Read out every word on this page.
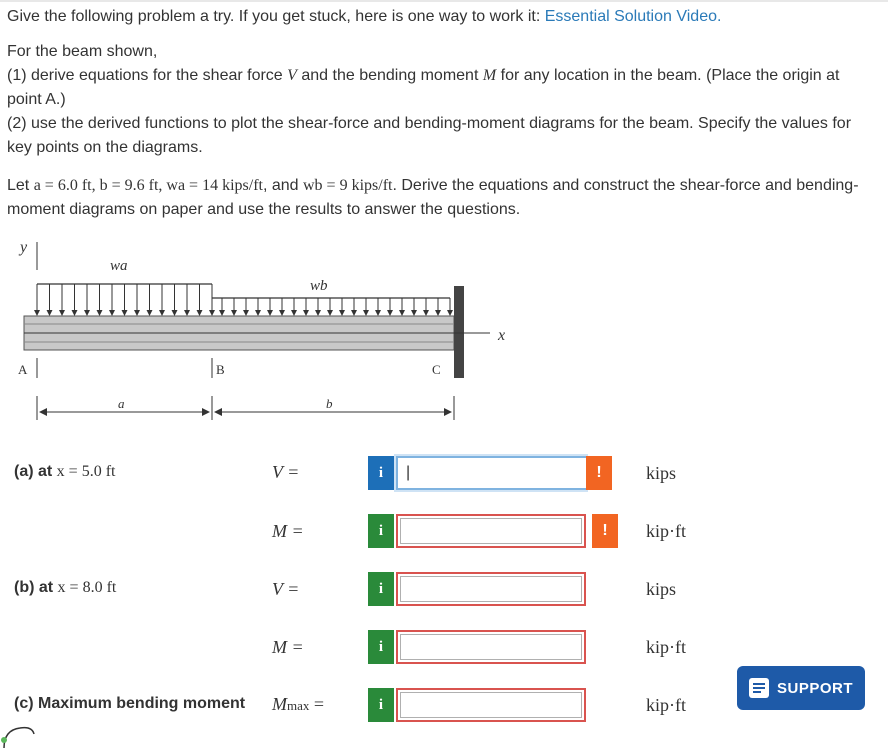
Give the following problem a try. If you get stuck, here is one way to work it: Essential Solution Video.
For the beam shown,
(1) derive equations for the shear force V and the bending moment M for any location in the beam. (Place the origin at point A.)
(2) use the derived functions to plot the shear-force and bending-moment diagrams for the beam. Specify the values for key points on the diagrams.
Let a = 6.0 ft, b = 9.6 ft, wa = 14 kips/ft, and wb = 9 kips/ft. Derive the equations and construct the shear-force and bending-moment diagrams on paper and use the results to answer the questions.
y
wa
wb
x
A	B	C
a	b
(a) at x = 5.0 ft	V =	i	|	!	kips
M =	i	!	kip·ft
(b) at x = 8.0 ft	V =	i	kips
M =	i	kip·ft
(c) Maximum bending moment Mmax =	i	kip·ft
SUPPORT
